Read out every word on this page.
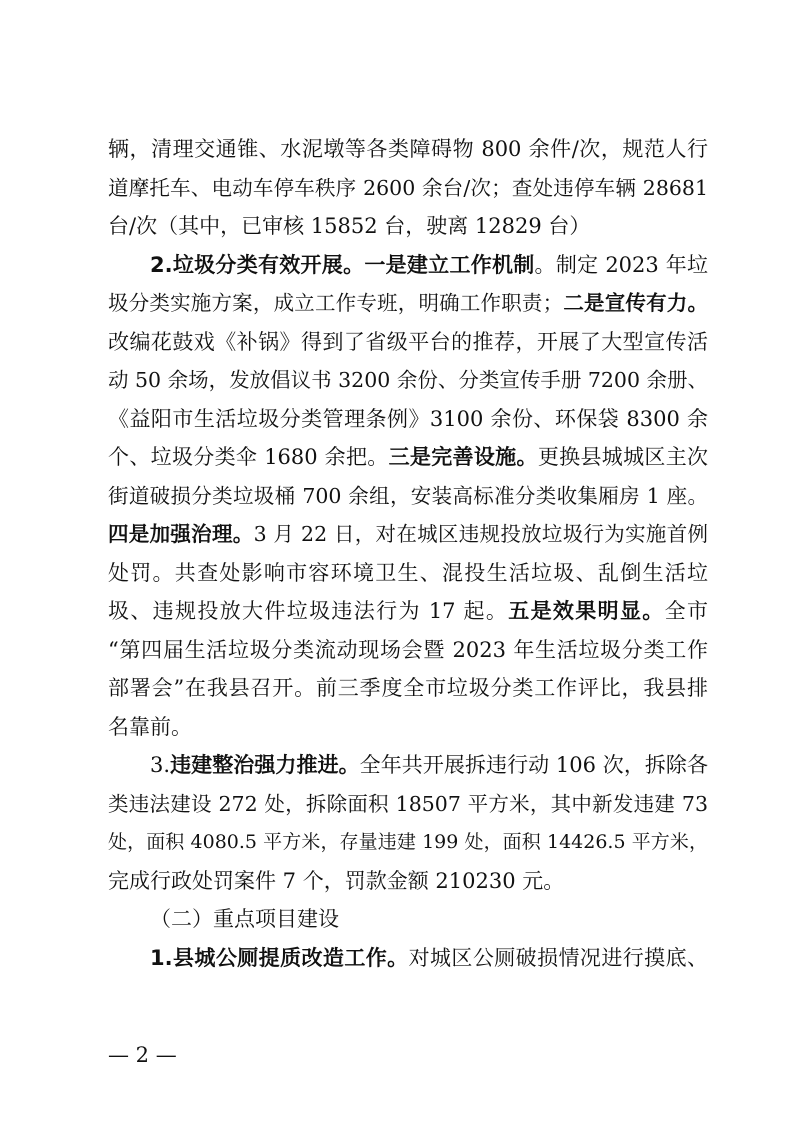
辆，清理交通锥、水泥墩等各类障碍物 800 余件/次，规范人行
道摩托车、电动车停车秩序 2600 余台/次；查处违停车辆 28681
台/次（其中，已审核 15852 台，驶离 12829 台）
2.垃圾分类有效开展。一是建立工作机制。制定 2023 年垃
圾分类实施方案，成立工作专班，明确工作职责；二是宣传有力。
改编花鼓戏《补锅》得到了省级平台的推荐，开展了大型宣传活
动 50 余场，发放倡议书 3200 余份、分类宣传手册 7200 余册、
《益阳市生活垃圾分类管理条例》3100 余份、环保袋 8300 余
个、垃圾分类伞 1680 余把。三是完善设施。更换县城城区主次
街道破损分类垃圾桶 700 余组，安装高标准分类收集厢房 1 座。
四是加强治理。3 月 22 日，对在城区违规投放垃圾行为实施首例
处罚。共查处影响市容环境卫生、混投生活垃圾、乱倒生活垃
圾、违规投放大件垃圾违法行为 17 起。五是效果明显。全市
“第四届生活垃圾分类流动现场会暨 2023 年生活垃圾分类工作
部署会”在我县召开。前三季度全市垃圾分类工作评比，我县排
名靠前。
3.违建整治强力推进。全年共开展拆违行动 106 次，拆除各
类违法建设 272 处，拆除面积 18507 平方米，其中新发违建 73
处，面积 4080.5 平方米，存量违建 199 处，面积 14426.5 平方米，
完成行政处罚案件 7 个，罚款金额 210230 元。
（二）重点项目建设
1.县城公厕提质改造工作。对城区公厕破损情况进行摸底、
— 2 —
